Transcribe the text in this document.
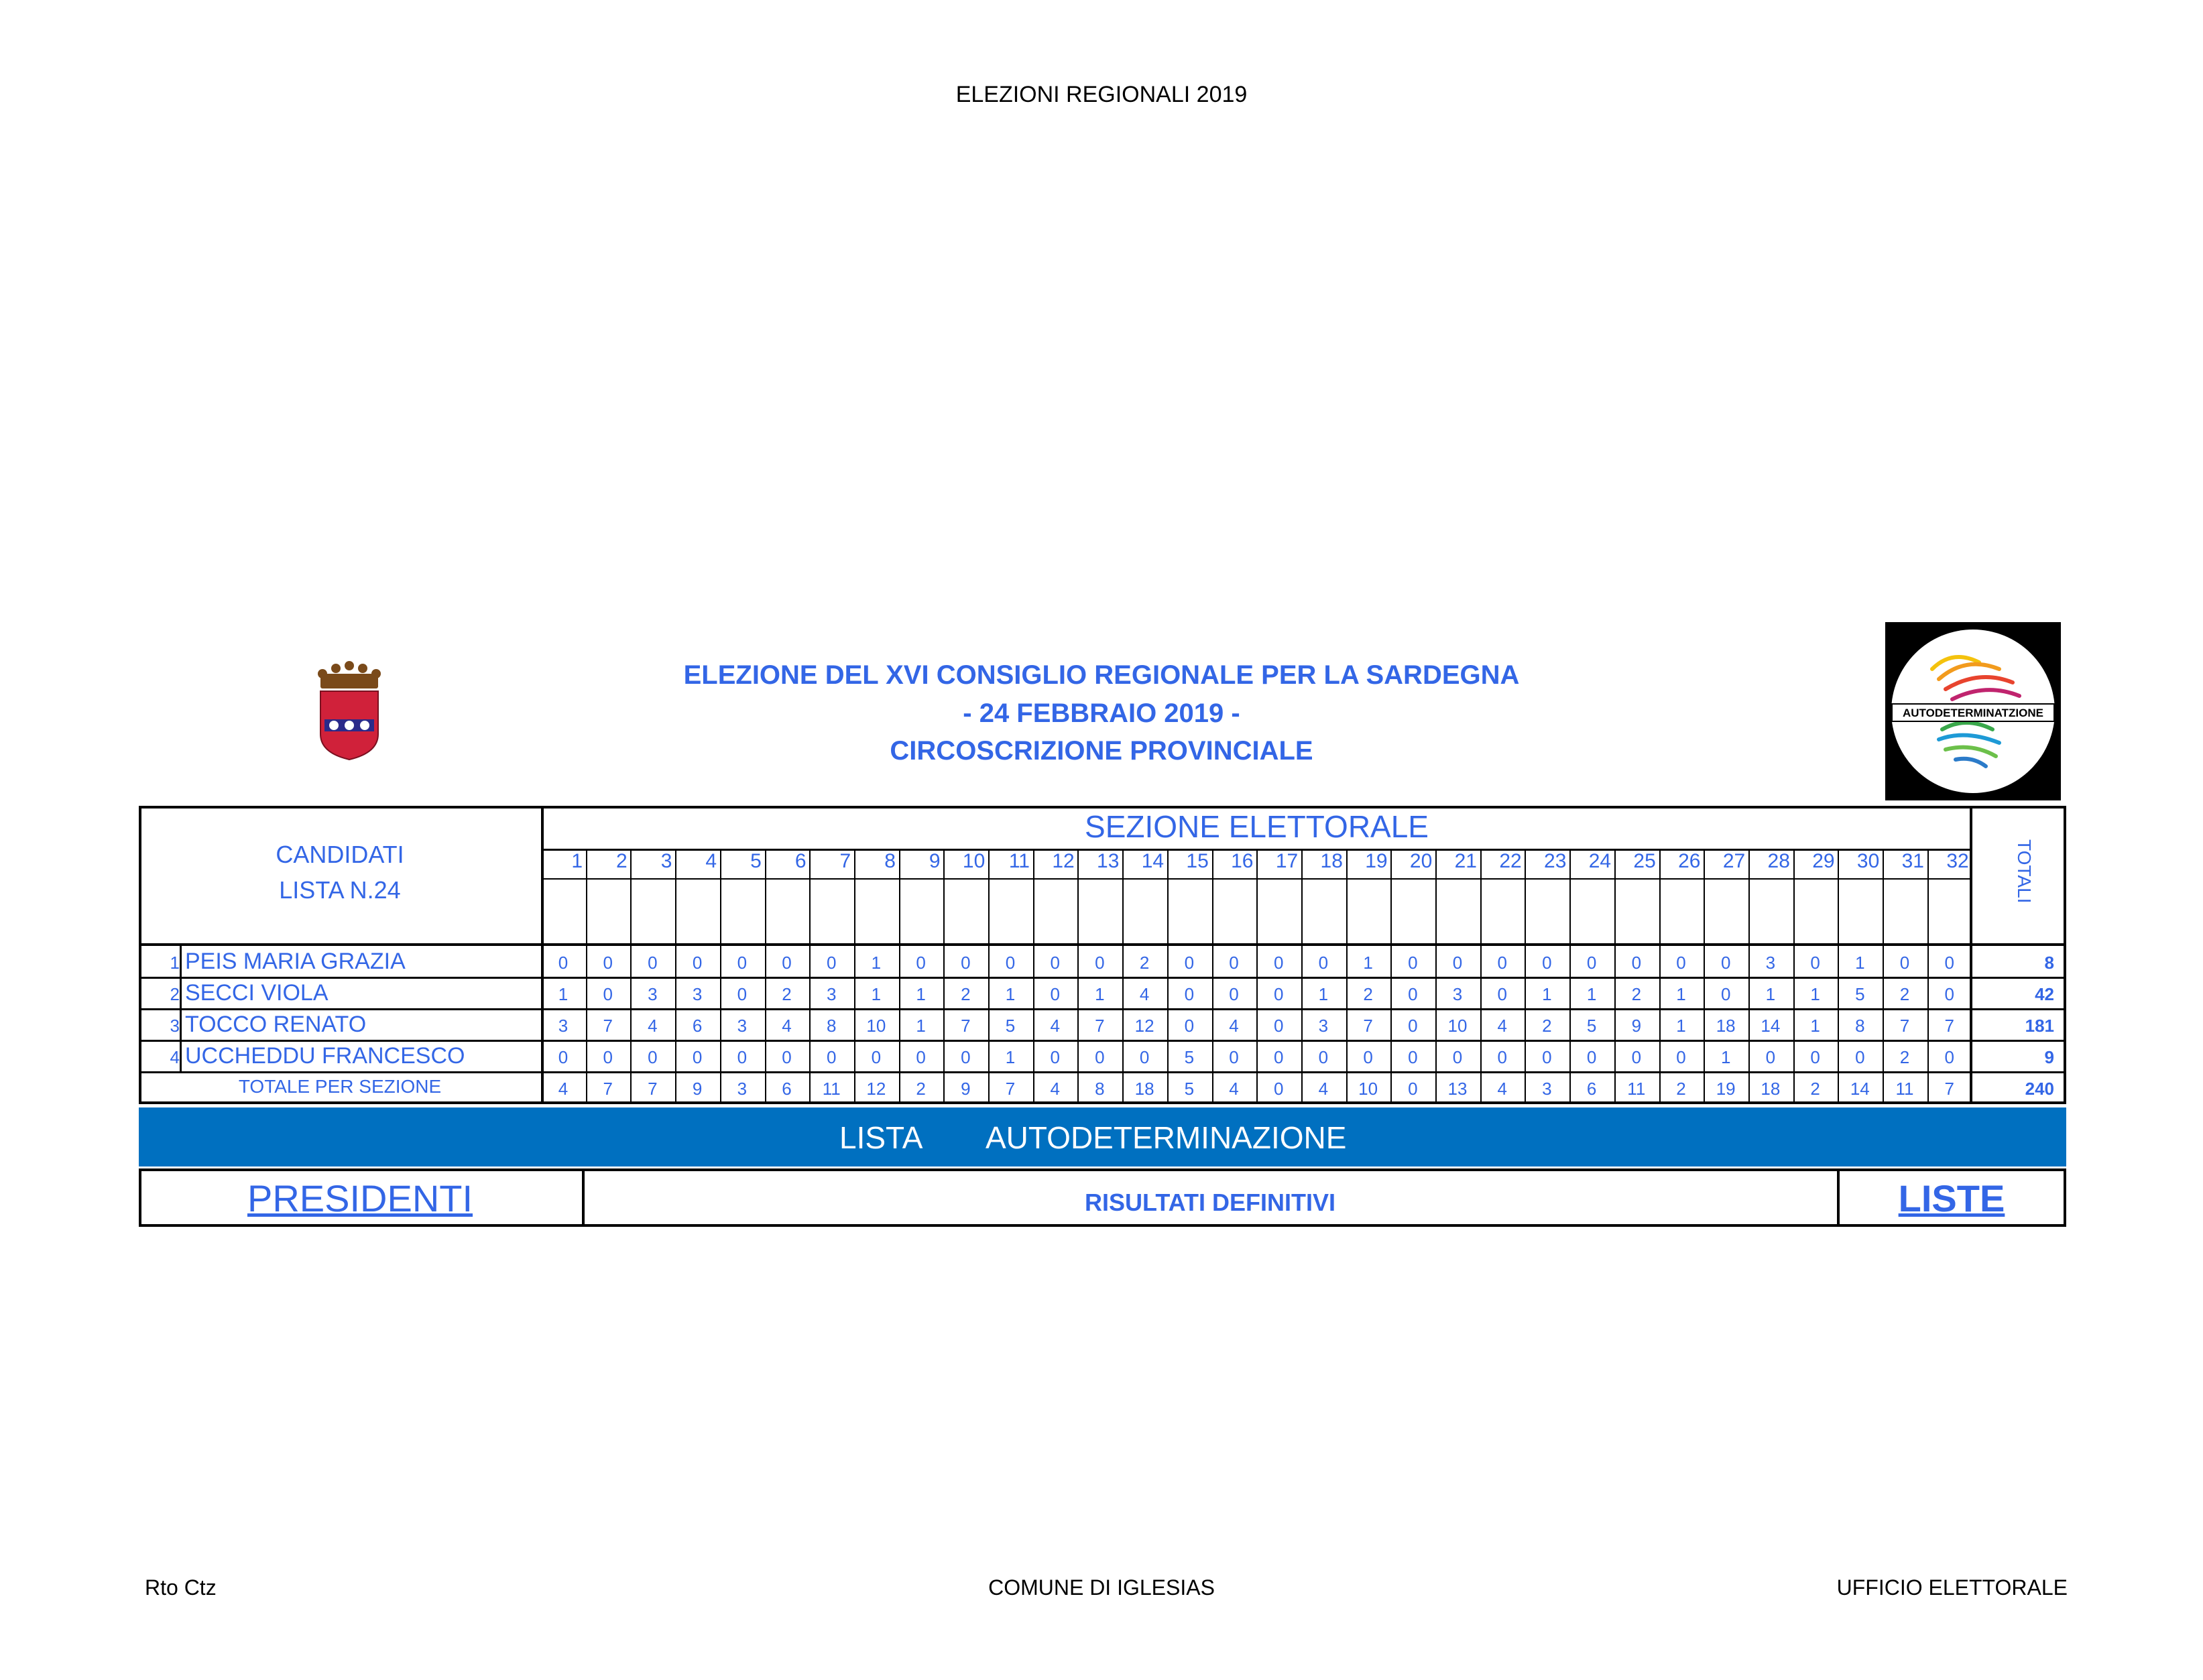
ELEZIONI REGIONALI 2019
ELEZIONE DEL XVI CONSIGLIO REGIONALE PER LA SARDEGNA
- 24 FEBBRAIO 2019 -
CIRCOSCRIZIONE PROVINCIALE
AUTODETERMINATZIONE
CANDIDATI
LISTA N.24
SEZIONE ELETTORALE
TOTALI
1	2	3	4	5	6	7	8	9	10	11	12	13	14	15	16	17	18	19	20	21	22	23	24	25	26	27	28	29	30	31	32
1 PEIS MARIA GRAZIA	0	0	0	0	0	0	0	1	0	0	0	0	0	2	0	0	0	0	1	0	0	0	0	0	0	0	0	3	0	1	0	0	8
2 SECCI VIOLA	1	0	3	3	0	2	3	1	1	2	1	0	1	4	0	0	0	1	2	0	3	0	1	1	2	1	0	1	1	5	2	0	42
3 TOCCO RENATO	3	7	4	6	3	4	8	10	1	7	5	4	7	12	0	4	0	3	7	0	10	4	2	5	9	1	18	14	1	8	7	7	181
4 UCCHEDDU FRANCESCO	0	0	0	0	0	0	0	0	0	0	1	0	0	0	5	0	0	0	0	0	0	0	0	0	0	0	1	0	0	0	2	0	9
TOTALE PER SEZIONE	4	7	7	9	3	6	11	12	2	9	7	4	8	18	5	4	0	4	10	0	13	4	3	6	11	2	19	18	2	14	11	7	240
LISTA AUTODETERMINAZIONE
PRESIDENTI	RISULTATI DEFINITIVI	LISTE
Rto Ctz	COMUNE DI IGLESIAS	UFFICIO ELETTORALE
